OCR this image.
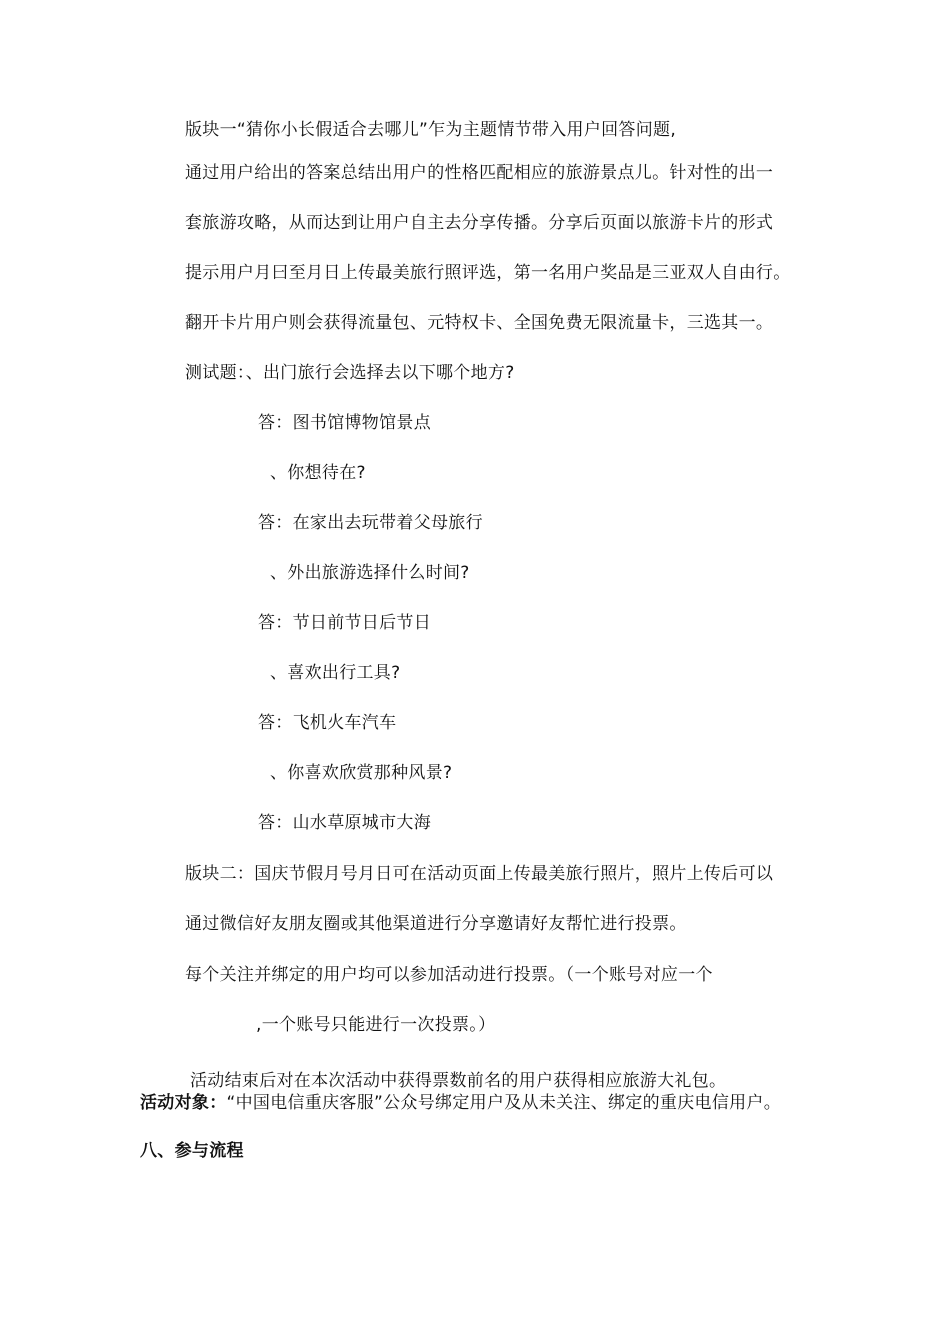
版块一“猜你小长假适合去哪儿”乍为主题情节带入用户回答问题,
通过用户给出的答案总结出用户的性格匹配相应的旅游景点儿。针对性的出一
套旅游攻略，从而达到让用户自主去分享传播。分享后页面以旅游卡片的形式
提示用户月曰至月日上传最美旅行照评选，第一名用户奖品是三亚双人自由行。
翻开卡片用户则会获得流量包、元特权卡、全国免费无限流量卡，三选其一。
测试题：、出门旅行会选择去以下哪个地方?
答：图书馆博物馆景点
、你想待在?
答：在家出去玩带着父母旅行
、外出旅游选择什么时间?
答：节日前节日后节日
、喜欢出行工具?
答：飞机火车汽车
、你喜欢欣赏那种风景?
答：山水草原城市大海
版块二：国庆节假月号月日可在活动页面上传最美旅行照片，照片上传后可以
通过微信好友朋友圈或其他渠道进行分享邀请好友帮忙进行投票。
每个关注并绑定的用户均可以参加活动进行投票。（一个账号对应一个
,一个账号只能进行一次投票。）
活动结束后对在本次活动中获得票数前名的用户获得相应旅游大礼包。
活动对象：“中国电信重庆客服”公众号绑定用户及从未关注、绑定的重庆电信用户。
八、参与流程
